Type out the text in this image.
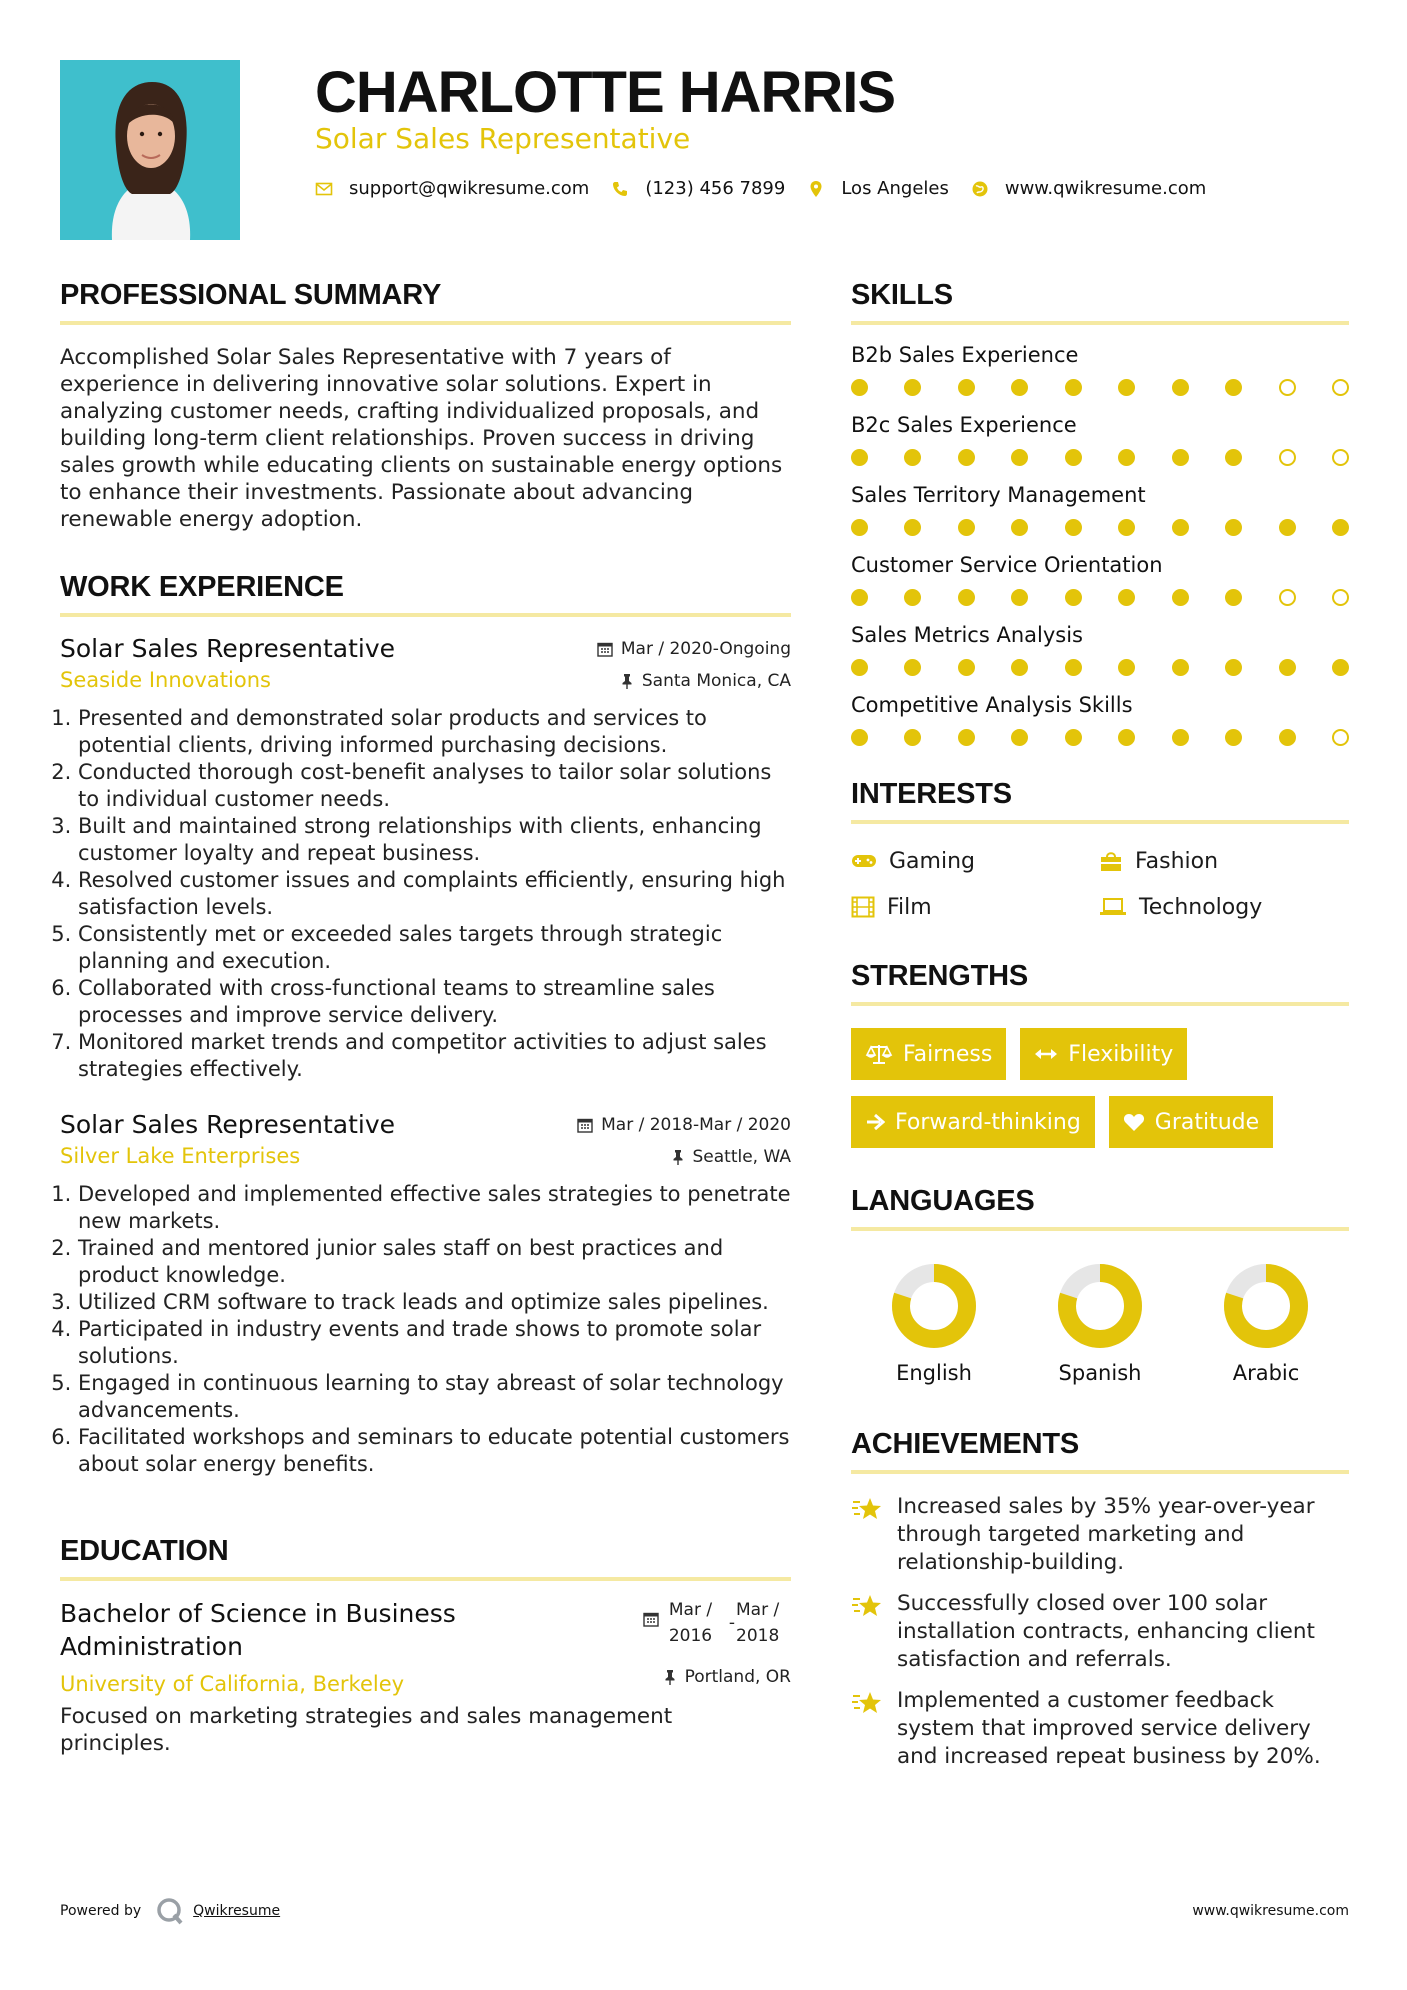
CHARLOTTE HARRIS
Solar Sales Representative
support@qwikresume.com	(123) 456 7899	Los Angeles	www.qwikresume.com
PROFESSIONAL SUMMARY

Accomplished Solar Sales Representative with 7 years of experience in delivering innovative solar solutions. Expert in analyzing customer needs, crafting individualized proposals, and building long-term client relationships. Proven success in driving sales growth while educating clients on sustainable energy options to enhance their investments. Passionate about advancing renewable energy adoption.

WORK EXPERIENCE
Solar Sales Representative
Seaside Innovations
Mar / 2020-Ongoing
Santa Monica, CA
1. Presented and demonstrated solar products and services to potential clients, driving informed purchasing decisions.
2. Conducted thorough cost-benefit analyses to tailor solar solutions to individual customer needs.
3. Built and maintained strong relationships with clients, enhancing customer loyalty and repeat business.
4. Resolved customer issues and complaints efficiently, ensuring high satisfaction levels.
5. Consistently met or exceeded sales targets through strategic planning and execution.
6. Collaborated with cross-functional teams to streamline sales processes and improve service delivery.
7. Monitored market trends and competitor activities to adjust sales strategies effectively.
Solar Sales Representative
Silver Lake Enterprises
Mar / 2018-Mar / 2020
Seattle, WA
1. Developed and implemented effective sales strategies to penetrate new markets.
2. Trained and mentored junior sales staff on best practices and product knowledge.
3. Utilized CRM software to track leads and optimize sales pipelines.
4. Participated in industry events and trade shows to promote solar solutions.
5. Engaged in continuous learning to stay abreast of solar technology advancements.
6. Facilitated workshops and seminars to educate potential customers about solar energy benefits.
EDUCATION
Bachelor of Science in Business Administration
Mar /
2016
-
Mar /
2018
Portland, OR
University of California, Berkeley

Focused on marketing strategies and sales management principles.

SKILLS
B2b Sales Experience
B2c Sales Experience
Sales Territory Management
Customer Service Orientation
Sales Metrics Analysis
Competitive Analysis Skills
INTERESTS
Gaming	Fashion
Film	Technology
STRENGTHS
Fairness	Flexibility
Forward-thinking	Gratitude
LANGUAGES
English	Spanish	Arabic
ACHIEVEMENTS

Increased sales by 35% year-over-year through targeted marketing and relationship-building.

Successfully closed over 100 solar installation contracts, enhancing client satisfaction and referrals.

Implemented a customer feedback system that improved service delivery and increased repeat business by 20%.

Powered by	Qwikresume	www.qwikresume.com
